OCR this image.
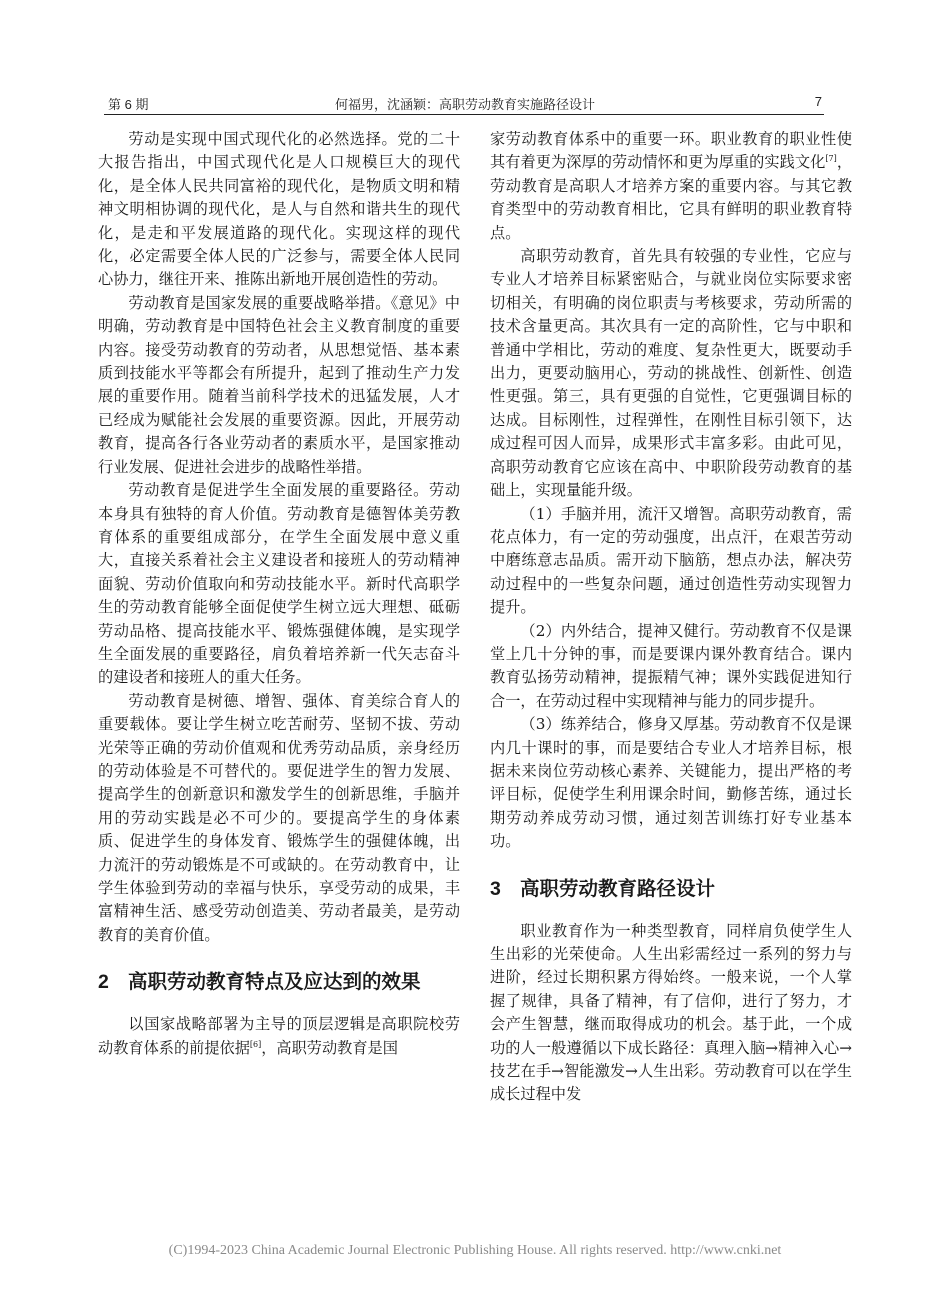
第 6 期	何福男，沈涵颖：高职劳动教育实施路径设计	7

劳动是实现中国式现代化的必然选择。党的二十大报告指出，中国式现代化是人口规模巨大的现代化，是全体人民共同富裕的现代化，是物质文明和精神文明相协调的现代化，是人与自然和谐共生的现代化，是走和平发展道路的现代化。实现这样的现代化，必定需要全体人民的广泛参与，需要全体人民同心协力，继往开来、推陈出新地开展创造性的劳动。

劳动教育是国家发展的重要战略举措。《意见》中明确，劳动教育是中国特色社会主义教育制度的重要内容。接受劳动教育的劳动者，从思想觉悟、基本素质到技能水平等都会有所提升，起到了推动生产力发展的重要作用。随着当前科学技术的迅猛发展，人才已经成为赋能社会发展的重要资源。因此，开展劳动教育，提高各行各业劳动者的素质水平，是国家推动行业发展、促进社会进步的战略性举措。

劳动教育是促进学生全面发展的重要路径。劳动本身具有独特的育人价值。劳动教育是德智体美劳教育体系的重要组成部分，在学生全面发展中意义重大，直接关系着社会主义建设者和接班人的劳动精神面貌、劳动价值取向和劳动技能水平。新时代高职学生的劳动教育能够全面促使学生树立远大理想、砥砺劳动品格、提高技能水平、锻炼强健体魄，是实现学生全面发展的重要路径，肩负着培养新一代矢志奋斗的建设者和接班人的重大任务。

劳动教育是树德、增智、强体、育美综合育人的重要载体。要让学生树立吃苦耐劳、坚韧不拔、劳动光荣等正确的劳动价值观和优秀劳动品质，亲身经历的劳动体验是不可替代的。要促进学生的智力发展、提高学生的创新意识和激发学生的创新思维，手脑并用的劳动实践是必不可少的。要提高学生的身体素质、促进学生的身体发育、锻炼学生的强健体魄，出力流汗的劳动锻炼是不可或缺的。在劳动教育中，让学生体验到劳动的幸福与快乐，享受劳动的成果，丰富精神生活、感受劳动创造美、劳动者最美，是劳动教育的美育价值。

2 高职劳动教育特点及应达到的效果

以国家战略部署为主导的顶层逻辑是高职院校劳动教育体系的前提依据[6]，高职劳动教育是国

家劳动教育体系中的重要一环。职业教育的职业性使其有着更为深厚的劳动情怀和更为厚重的实践文化[7]，劳动教育是高职人才培养方案的重要内容。与其它教育类型中的劳动教育相比，它具有鲜明的职业教育特点。

高职劳动教育，首先具有较强的专业性，它应与专业人才培养目标紧密贴合，与就业岗位实际要求密切相关，有明确的岗位职责与考核要求，劳动所需的技术含量更高。其次具有一定的高阶性，它与中职和普通中学相比，劳动的难度、复杂性更大，既要动手出力，更要动脑用心，劳动的挑战性、创新性、创造性更强。第三，具有更强的自觉性，它更强调目标的达成。目标刚性，过程弹性，在刚性目标引领下，达成过程可因人而异，成果形式丰富多彩。由此可见，高职劳动教育它应该在高中、中职阶段劳动教育的基础上，实现量能升级。

（1）手脑并用，流汗又增智。高职劳动教育，需花点体力，有一定的劳动强度，出点汗，在艰苦劳动中磨练意志品质。需开动下脑筋，想点办法，解决劳动过程中的一些复杂问题，通过创造性劳动实现智力提升。

（2）内外结合，提神又健行。劳动教育不仅是课堂上几十分钟的事，而是要课内课外教育结合。课内教育弘扬劳动精神，提振精气神；课外实践促进知行合一，在劳动过程中实现精神与能力的同步提升。

（3）练养结合，修身又厚基。劳动教育不仅是课内几十课时的事，而是要结合专业人才培养目标，根据未来岗位劳动核心素养、关键能力，提出严格的考评目标，促使学生利用课余时间，勤修苦练，通过长期劳动养成劳动习惯，通过刻苦训练打好专业基本功。

3 高职劳动教育路径设计

职业教育作为一种类型教育，同样肩负使学生人生出彩的光荣使命。人生出彩需经过一系列的努力与进阶，经过长期积累方得始终。一般来说，一个人掌握了规律，具备了精神，有了信仰，进行了努力，才会产生智慧，继而取得成功的机会。基于此，一个成功的人一般遵循以下成长路径：真理入脑→精神入心→技艺在手→智能激发→人生出彩。劳动教育可以在学生成长过程中发

(C)1994-2023 China Academic Journal Electronic Publishing House. All rights reserved. http://www.cnki.net
